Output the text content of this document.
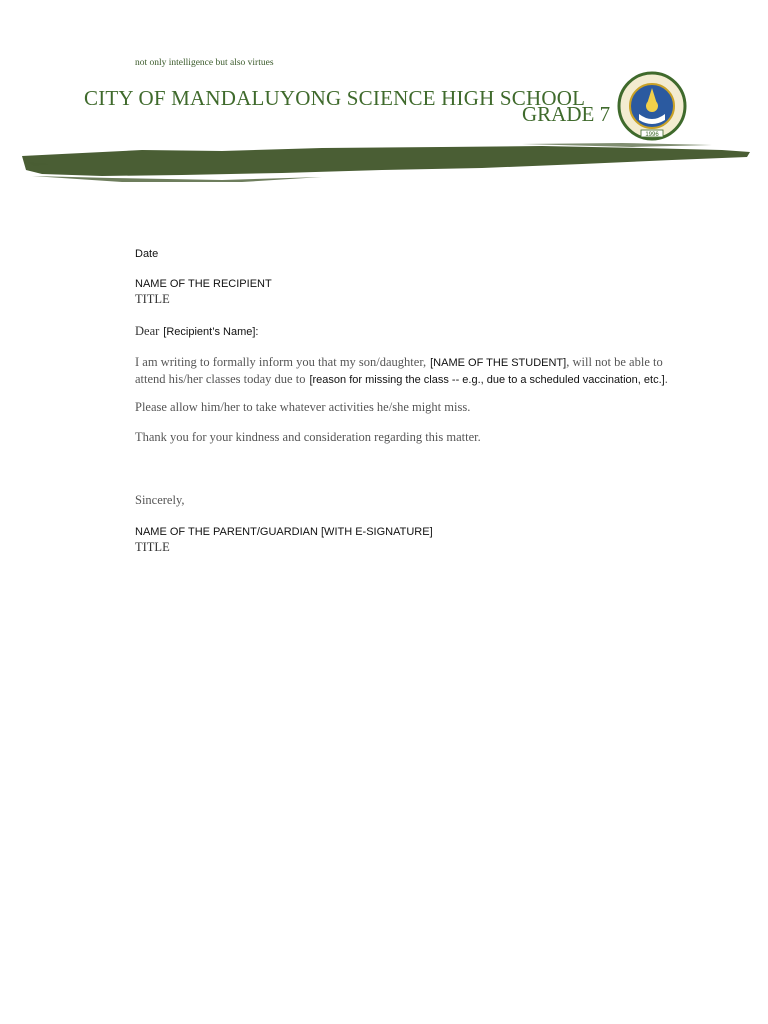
not only intelligence but also virtues
CITY OF MANDALUYONG SCIENCE HIGH SCHOOL
GRADE 7
1996
Date
NAME OF THE RECIPIENT
TITLE
Dear [Recipient’s Name]:
I am writing to formally inform you that my son/daughter, [NAME OF THE STUDENT], will not be able to
attend his/her classes today due to [reason for missing the class -- e.g., due to a scheduled vaccination, etc.].
Please allow him/her to take whatever activities he/she might miss.
Thank you for your kindness and consideration regarding this matter.
Sincerely,
NAME OF THE PARENT/GUARDIAN [WITH E-SIGNATURE]
TITLE
